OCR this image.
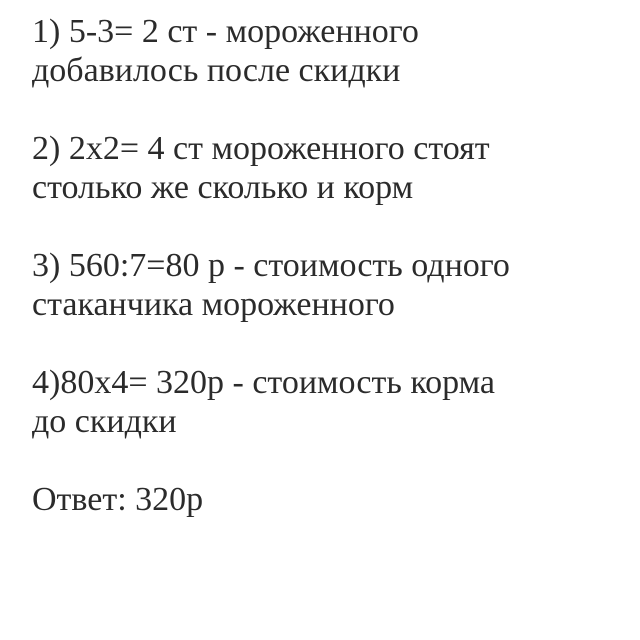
1) 5-3= 2 ст - мороженного
добавилось после скидки
2) 2х2= 4 ст мороженного стоят
столько же сколько и корм
3) 560:7=80 р - стоимость одного
стаканчика мороженного
4)80х4= 320р - стоимость корма
до скидки
Ответ: 320р
